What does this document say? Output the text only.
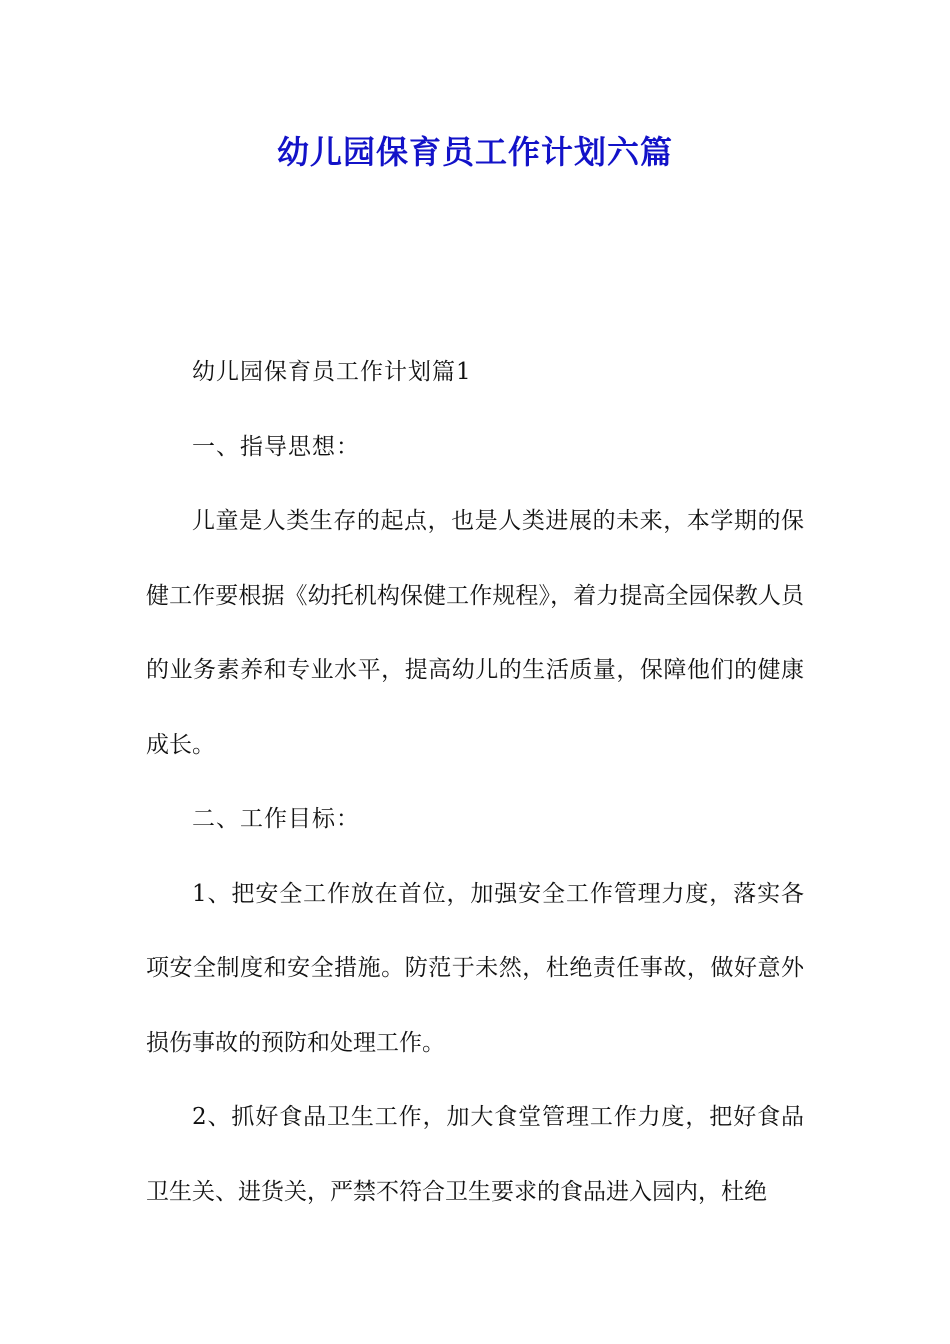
幼儿园保育员工作计划六篇

幼儿园保育员工作计划篇1

一、指导思想：

儿童是人类生存的起点，也是人类进展的未来，本学期的保健工作要根据《幼托机构保健工作规程》，着力提高全园保教人员的业务素养和专业水平，提高幼儿的生活质量，保障他们的健康成长。

二、工作目标：

1、把安全工作放在首位，加强安全工作管理力度，落实各项安全制度和安全措施。防范于未然，杜绝责任事故，做好意外损伤事故的预防和处理工作。

2、抓好食品卫生工作，加大食堂管理工作力度，把好食品卫生关、进货关，严禁不符合卫生要求的食品进入园内，杜绝
